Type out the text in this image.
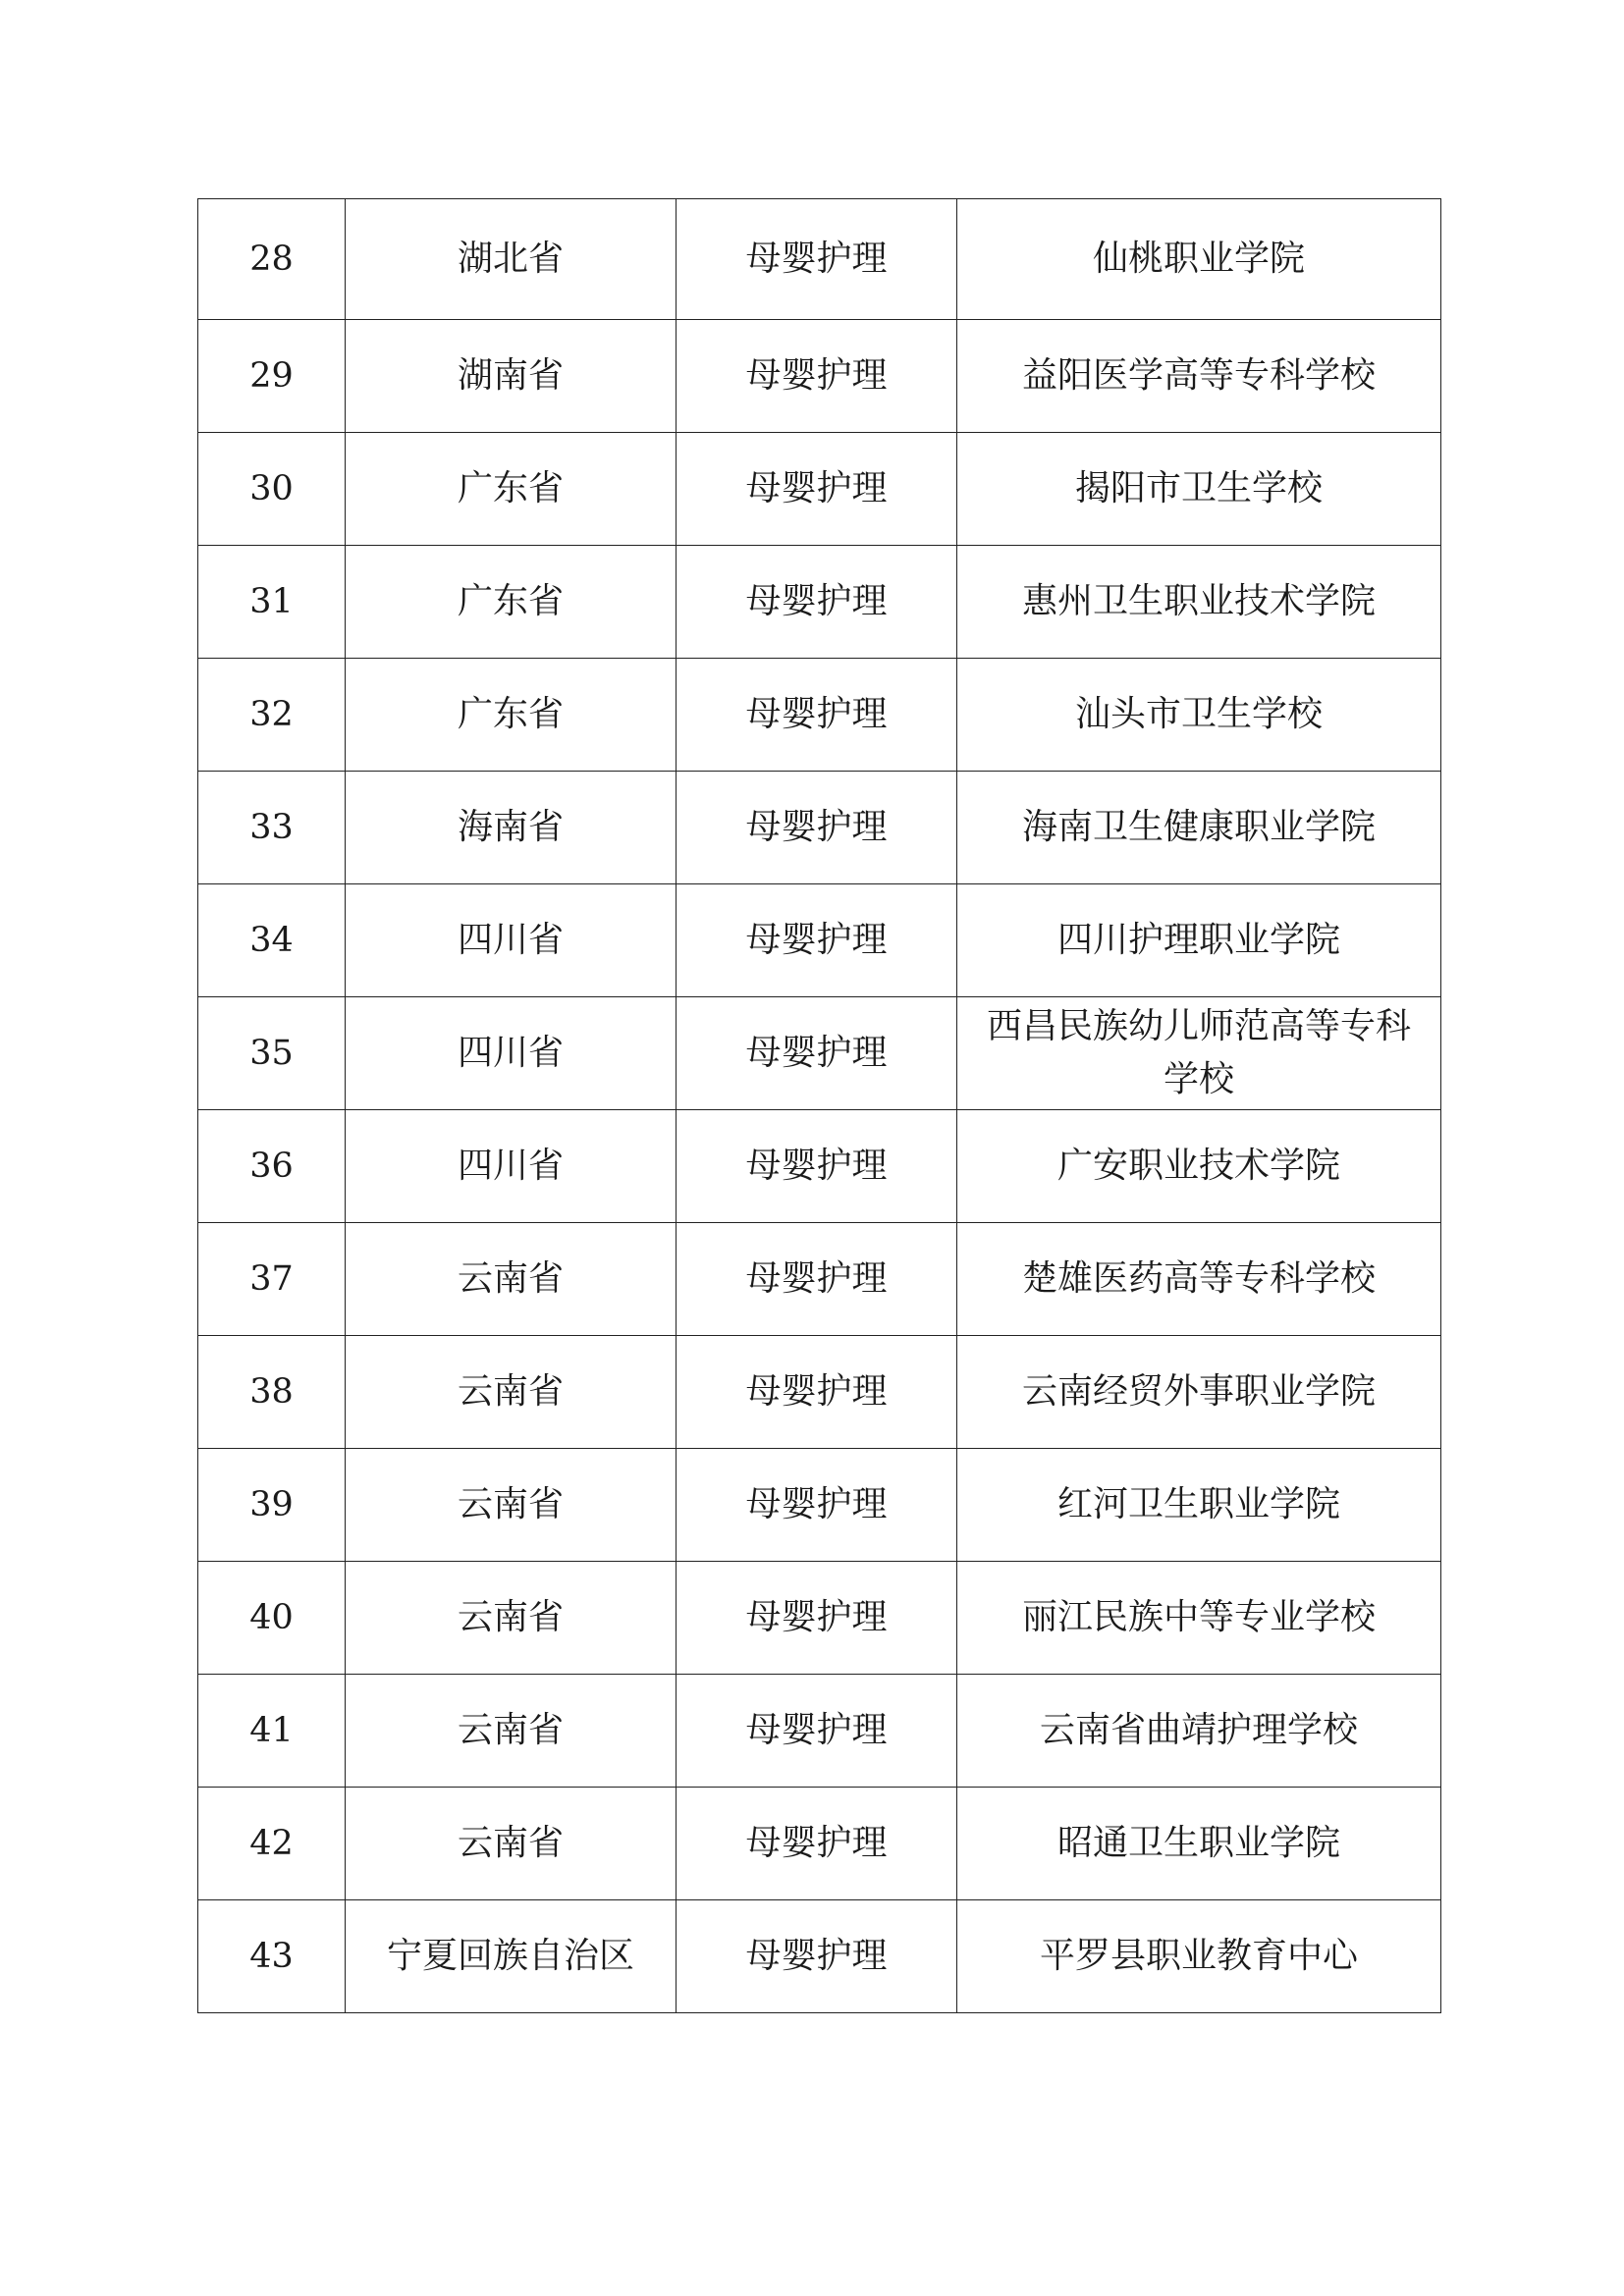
28	湖北省	母婴护理	仙桃职业学院

29	湖南省	母婴护理	益阳医学高等专科学校

30	广东省	母婴护理	揭阳市卫生学校

31	广东省	母婴护理	惠州卫生职业技术学院

32	广东省	母婴护理	汕头市卫生学校

33	海南省	母婴护理	海南卫生健康职业学院

34	四川省	母婴护理	四川护理职业学院

35	四川省	母婴护理	西昌民族幼儿师范高等专科
学校

36	四川省	母婴护理	广安职业技术学院

37	云南省	母婴护理	楚雄医药高等专科学校

38	云南省	母婴护理	云南经贸外事职业学院

39	云南省	母婴护理	红河卫生职业学院

40	云南省	母婴护理	丽江民族中等专业学校

41	云南省	母婴护理	云南省曲靖护理学校

42	云南省	母婴护理	昭通卫生职业学院

43	宁夏回族自治区	母婴护理	平罗县职业教育中心
